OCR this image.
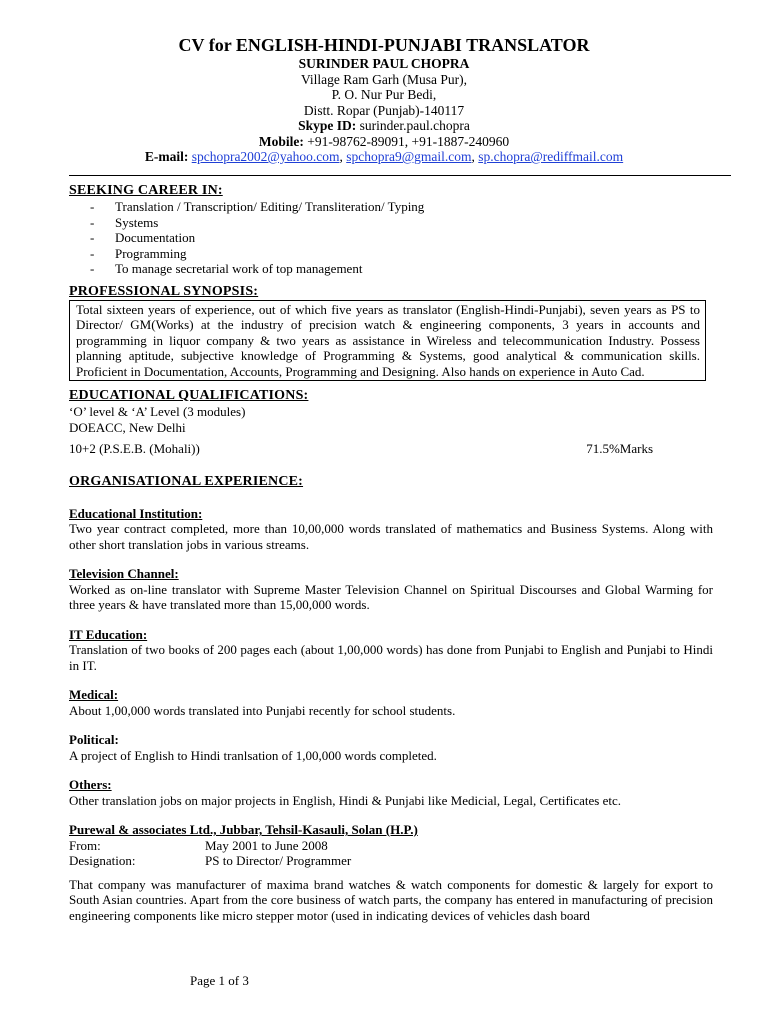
CV for ENGLISH-HINDI-PUNJABI TRANSLATOR
SURINDER PAUL CHOPRA
Village Ram Garh (Musa Pur),
P. O. Nur Pur Bedi,
Distt. Ropar (Punjab)-140117
Skype ID: surinder.paul.chopra
Mobile: +91-98762-89091, +91-1887-240960
E-mail: spchopra2002@yahoo.com, spchopra9@gmail.com, sp.chopra@rediffmail.com
SEEKING CAREER IN:
-	Translation / Transcription/ Editing/ Transliteration/ Typing
-	Systems
-	Documentation
-	Programming
-	To manage secretarial work of top management
PROFESSIONAL SYNOPSIS:
Total sixteen years of experience, out of which five years as translator (English-Hindi-Punjabi), seven years as PS to Director/ GM(Works) at the industry of precision watch & engineering components, 3 years in accounts and programming in liquor company & two years as assistance in Wireless and telecommunication Industry. Possess planning aptitude, subjective knowledge of Programming & Systems, good analytical & communication skills. Proficient in Documentation, Accounts, Programming and Designing. Also hands on experience in Auto Cad.
EDUCATIONAL QUALIFICATIONS:
‘O’ level & ‘A’ Level (3 modules)
DOEACC, New Delhi
10+2 (P.S.E.B. (Mohali))	71.5%Marks
ORGANISATIONAL EXPERIENCE:
Educational Institution:
Two year contract completed, more than 10,00,000 words translated of mathematics and Business Systems. Along with other short translation jobs in various streams.
Television Channel:
Worked as on-line translator with Supreme Master Television Channel on Spiritual Discourses and Global Warming for three years & have translated more than 15,00,000 words.
IT Education:
Translation of two books of 200 pages each (about 1,00,000 words) has done from Punjabi to English and Punjabi to Hindi in IT.
Medical:
About 1,00,000 words translated into Punjabi recently for school students.
Political:
A project of English to Hindi tranlsation of 1,00,000 words completed.
Others:
Other translation jobs on major projects in English, Hindi & Punjabi like Medicial, Legal, Certificates etc.
Purewal & associates Ltd., Jubbar, Tehsil-Kasauli, Solan (H.P.)
From:	May 2001 to June 2008
Designation:	PS to Director/ Programmer
That company was manufacturer of maxima brand watches & watch components for domestic & largely for export to South Asian countries. Apart from the core business of watch parts, the company has entered in manufacturing of precision engineering components like micro stepper motor (used in indicating devices of vehicles dash board
Page 1 of 3
